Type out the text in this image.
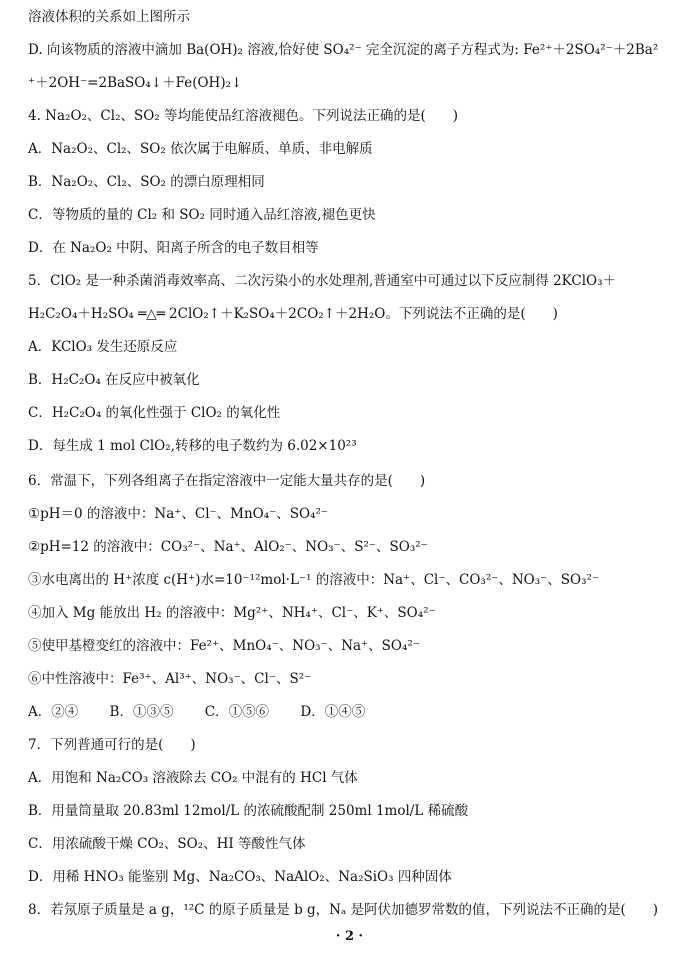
溶液体积的关系如上图所示
D. 向该物质的溶液中滴加 Ba(OH)₂ 溶液,恰好使 SO₄²⁻ 完全沉淀的离子方程式为: Fe²⁺＋2SO₄²⁻＋2Ba²
⁺＋2OH⁻=2BaSO₄↓＋Fe(OH)₂↓
4. Na₂O₂、Cl₂、SO₂ 等均能使品红溶液褪色。下列说法正确的是(　　)
A．Na₂O₂、Cl₂、SO₂ 依次属于电解质、单质、非电解质
B．Na₂O₂、Cl₂、SO₂ 的漂白原理相同
C．等物质的量的 Cl₂ 和 SO₂ 同时通入品红溶液,褪色更快
D．在 Na₂O₂ 中阴、阳离子所含的电子数目相等
5．ClO₂ 是一种杀菌消毒效率高、二次污染小的水处理剂,普通室中可通过以下反应制得 2KClO₃＋
H₂C₂O₄＋H₂SO₄ ═△═ 2ClO₂↑＋K₂SO₄＋2CO₂↑＋2H₂O。下列说法不正确的是(　　)
A．KClO₃ 发生还原反应
B．H₂C₂O₄ 在反应中被氧化
C．H₂C₂O₄ 的氧化性强于 ClO₂ 的氧化性
D．每生成 1 mol ClO₂,转移的电子数约为 6.02×10²³
6．常温下，下列各组离子在指定溶液中一定能大量共存的是(　　)
①pH＝0 的溶液中：Na⁺、Cl⁻、MnO₄⁻、SO₄²⁻
②pH=12 的溶液中：CO₃²⁻、Na⁺、AlO₂⁻、NO₃⁻、S²⁻、SO₃²⁻
③水电离出的 H⁺浓度 c(H⁺)水=10⁻¹²mol·L⁻¹ 的溶液中：Na⁺、Cl⁻、CO₃²⁻、NO₃⁻、SO₃²⁻
④加入 Mg 能放出 H₂ 的溶液中：Mg²⁺、NH₄⁺、Cl⁻、K⁺、SO₄²⁻
⑤使甲基橙变红的溶液中：Fe²⁺、MnO₄⁻、NO₃⁻、Na⁺、SO₄²⁻
⑥中性溶液中：Fe³⁺、Al³⁺、NO₃⁻、Cl⁻、S²⁻
A．②④　　 B．①③⑤　　 C．①⑤⑥　　 D．①④⑤
7．下列普通可行的是(　　)
A．用饱和 Na₂CO₃ 溶液除去 CO₂ 中混有的 HCl 气体
B．用量筒量取 20.83ml 12mol/L 的浓硫酸配制 250ml 1mol/L 稀硫酸
C．用浓硫酸干燥 CO₂、SO₂、HI 等酸性气体
D．用稀 HNO₃ 能鉴别 Mg、Na₂CO₃、NaAlO₂、Na₂SiO₃ 四种固体
8．若氖原子质量是 a g，¹²C 的原子质量是 b g，Nₐ 是阿伏加德罗常数的值，下列说法不正确的是(　　)
· 2 ·
